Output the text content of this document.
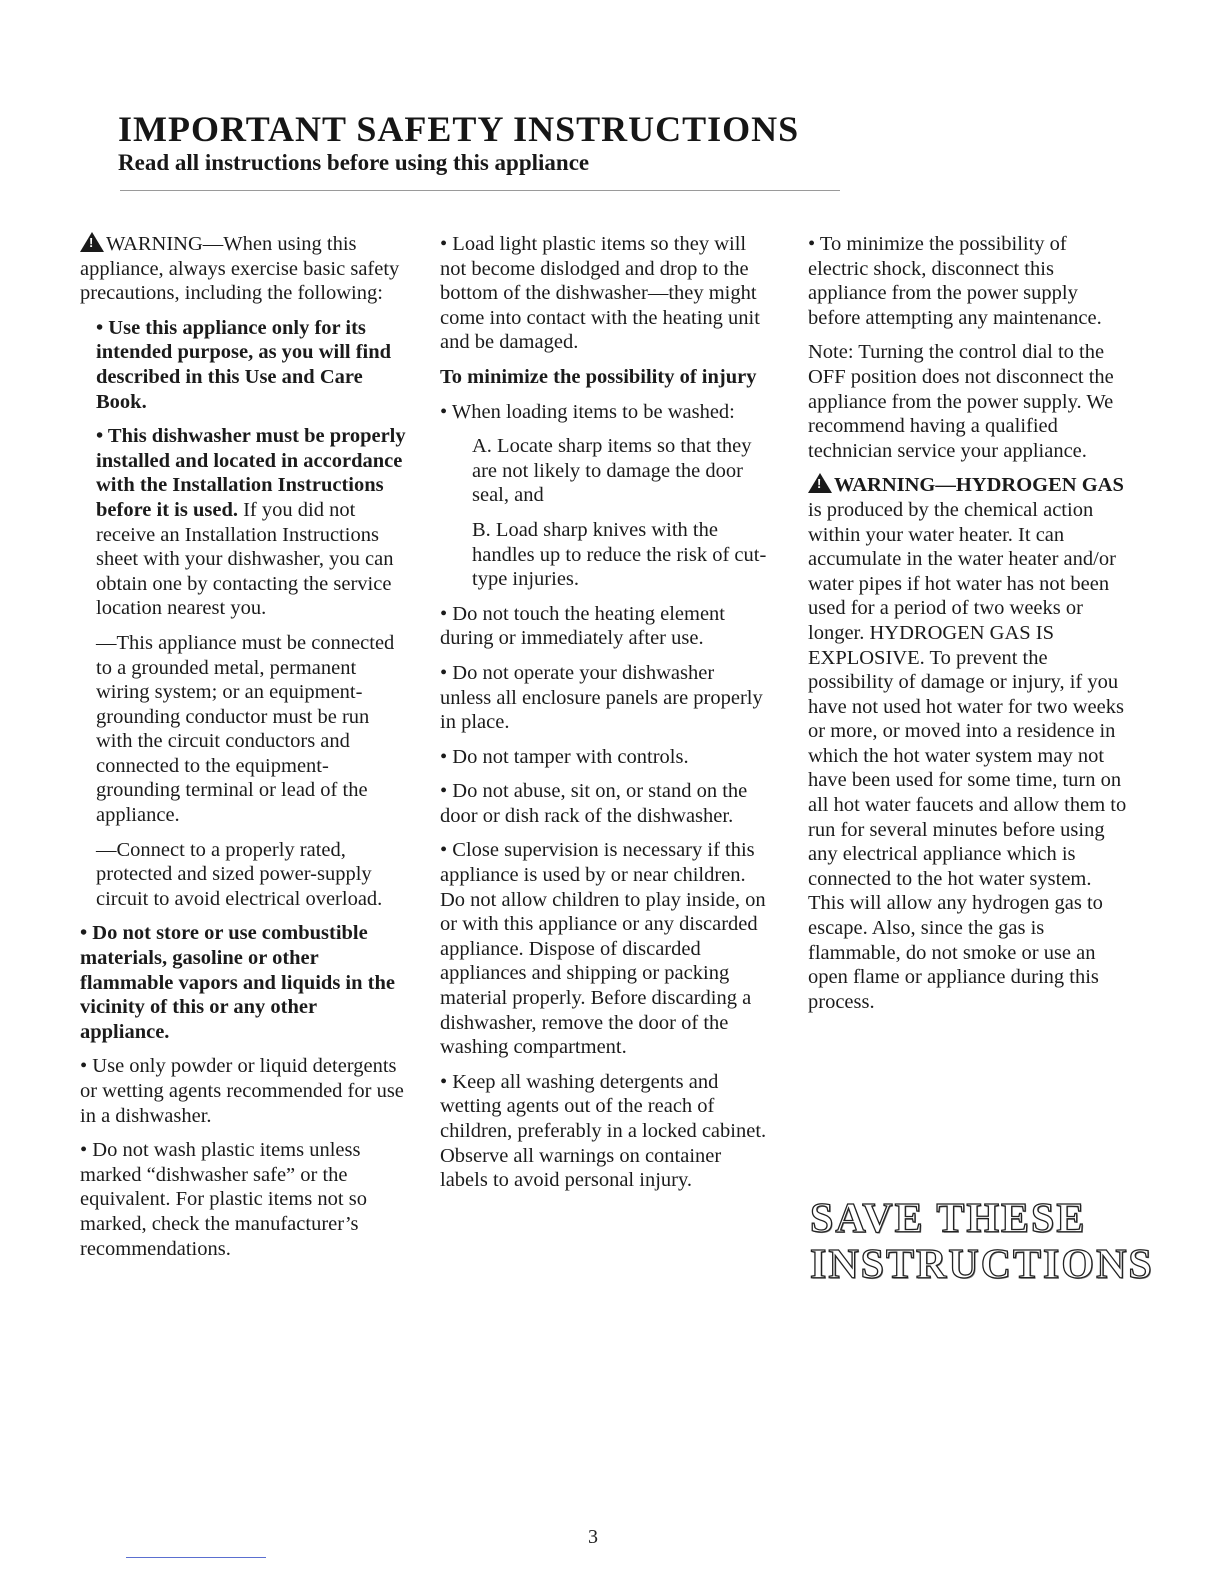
IMPORTANT SAFETY INSTRUCTIONS
Read all instructions before using this appliance

!WARNING—When using this appliance, always exercise basic safety precautions, including the following:

• Use this appliance only for its intended purpose, as you will find described in this Use and Care Book.

• This dishwasher must be properly installed and located in accordance with the Installation Instructions before it is used. If you did not receive an Installation Instructions sheet with your dishwasher, you can obtain one by contacting the service location nearest you.

—This appliance must be connected to a grounded metal, permanent wiring system; or an equipment-grounding conductor must be run with the circuit conductors and connected to the equipment-grounding terminal or lead of the appliance.

—Connect to a properly rated, protected and sized power-supply circuit to avoid electrical overload.

• Do not store or use combustible materials, gasoline or other flammable vapors and liquids in the vicinity of this or any other appliance.

• Use only powder or liquid detergents or wetting agents recommended for use in a dishwasher.

• Do not wash plastic items unless marked “dishwasher safe” or the equivalent. For plastic items not so marked, check the manufacturer’s recommendations.

• Load light plastic items so they will not become dislodged and drop to the bottom of the dishwasher—they might come into contact with the heating unit and be damaged.

To minimize the possibility of injury

• When loading items to be washed:

A. Locate sharp items so that they are not likely to damage the door seal, and

B. Load sharp knives with the handles up to reduce the risk of cut-type injuries.

• Do not touch the heating element during or immediately after use.

• Do not operate your dishwasher unless all enclosure panels are properly in place.

• Do not tamper with controls.

• Do not abuse, sit on, or stand on the door or dish rack of the dishwasher.

• Close supervision is necessary if this appliance is used by or near children. Do not allow children to play inside, on or with this appliance or any discarded appliance. Dispose of discarded appliances and shipping or packing material properly. Before discarding a dishwasher, remove the door of the washing compartment.

• Keep all washing detergents and wetting agents out of the reach of children, preferably in a locked cabinet. Observe all warnings on container labels to avoid personal injury.

• To minimize the possibility of electric shock, disconnect this appliance from the power supply before attempting any maintenance.

Note: Turning the control dial to the OFF position does not disconnect the appliance from the power supply. We recommend having a qualified technician service your appliance.

!WARNING—HYDROGEN GAS is produced by the chemical action within your water heater. It can accumulate in the water heater and/or water pipes if hot water has not been used for a period of two weeks or longer. HYDROGEN GAS IS EXPLOSIVE. To prevent the possibility of damage or injury, if you have not used hot water for two weeks or more, or moved into a residence in which the hot water system may not have been used for some time, turn on all hot water faucets and allow them to run for several minutes before using any electrical appliance which is connected to the hot water system. This will allow any hydrogen gas to escape. Also, since the gas is flammable, do not smoke or use an open flame or appliance during this process.

SAVE THESE
INSTRUCTIONS
3
